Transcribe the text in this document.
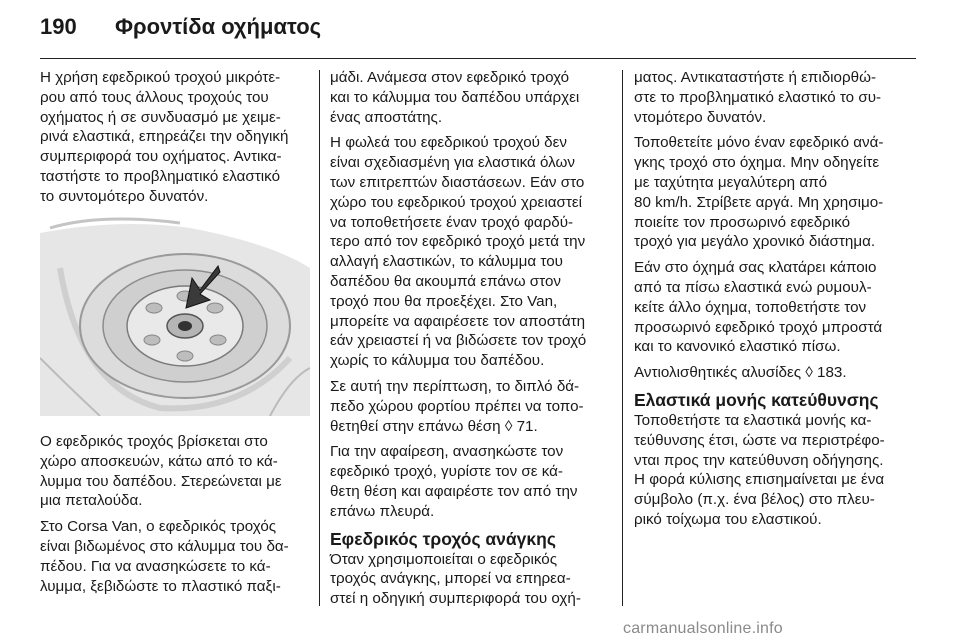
190 Φροντίδα οχήματος

Η χρήση εφεδρικού τροχού μικρότε-
ρου από τους άλλους τροχούς του
οχήματος ή σε συνδυασμό με χειμε-
ρινά ελαστικά, επηρεάζει την οδηγική
συμπεριφορά του οχήματος. Αντικα-
ταστήστε το προβληματικό ελαστικό
το συντομότερο δυνατόν.

Ο εφεδρικός τροχός βρίσκεται στο
χώρο αποσκευών, κάτω από το κά-
λυμμα του δαπέδου. Στερεώνεται με
μια πεταλούδα.

Στο Corsa Van, ο εφεδρικός τροχός
είναι βιδωμένος στο κάλυμμα του δα-
πέδου. Για να ανασηκώσετε το κά-
λυμμα, ξεβιδώστε το πλαστικό παξι-

μάδι. Ανάμεσα στον εφεδρικό τροχό
και το κάλυμμα του δαπέδου υπάρχει
ένας αποστάτης.

Η φωλεά του εφεδρικού τροχού δεν
είναι σχεδιασμένη για ελαστικά όλων
των επιτρεπτών διαστάσεων. Εάν στο
χώρο του εφεδρικού τροχού χρειαστεί
να τοποθετήσετε έναν τροχό φαρδύ-
τερο από τον εφεδρικό τροχό μετά την
αλλαγή ελαστικών, το κάλυμμα του
δαπέδου θα ακουμπά επάνω στον
τροχό που θα προεξέχει. Στο Van,
μπορείτε να αφαιρέσετε τον αποστάτη
εάν χρειαστεί ή να βιδώσετε τον τροχό
χωρίς το κάλυμμα του δαπέδου.

Σε αυτή την περίπτωση, το διπλό δά-
πεδο χώρου φορτίου πρέπει να τοπο-
θετηθεί στην επάνω θέση ◊ 71.

Για την αφαίρεση, ανασηκώστε τον
εφεδρικό τροχό, γυρίστε τον σε κά-
θετη θέση και αφαιρέστε τον από την
επάνω πλευρά.

Εφεδρικός τροχός ανάγκης

Όταν χρησιμοποιείται ο εφεδρικός
τροχός ανάγκης, μπορεί να επηρεα-
στεί η οδηγική συμπεριφορά του οχή-

ματος. Αντικαταστήστε ή επιδιορθώ-
στε το προβληματικό ελαστικό το συ-
ντομότερο δυνατόν.

Τοποθετείτε μόνο έναν εφεδρικό ανά-
γκης τροχό στο όχημα. Μην οδηγείτε
με ταχύτητα μεγαλύτερη από
80 km/h. Στρίβετε αργά. Μη χρησιμο-
ποιείτε τον προσωρινό εφεδρικό
τροχό για μεγάλο χρονικό διάστημα.

Εάν στο όχημά σας κλατάρει κάποιο
από τα πίσω ελαστικά ενώ ρυμουλ-
κείτε άλλο όχημα, τοποθετήστε τον
προσωρινό εφεδρικό τροχό μπροστά
και το κανονικό ελαστικό πίσω.

Αντιολισθητικές αλυσίδες ◊ 183.

Ελαστικά μονής κατεύθυνσης

Τοποθετήστε τα ελαστικά μονής κα-
τεύθυνσης έτσι, ώστε να περιστρέφο-
νται προς την κατεύθυνση οδήγησης.
Η φορά κύλισης επισημαίνεται με ένα
σύμβολο (π.χ. ένα βέλος) στο πλευ-
ρικό τοίχωμα του ελαστικού.

carmanualsonline.info
